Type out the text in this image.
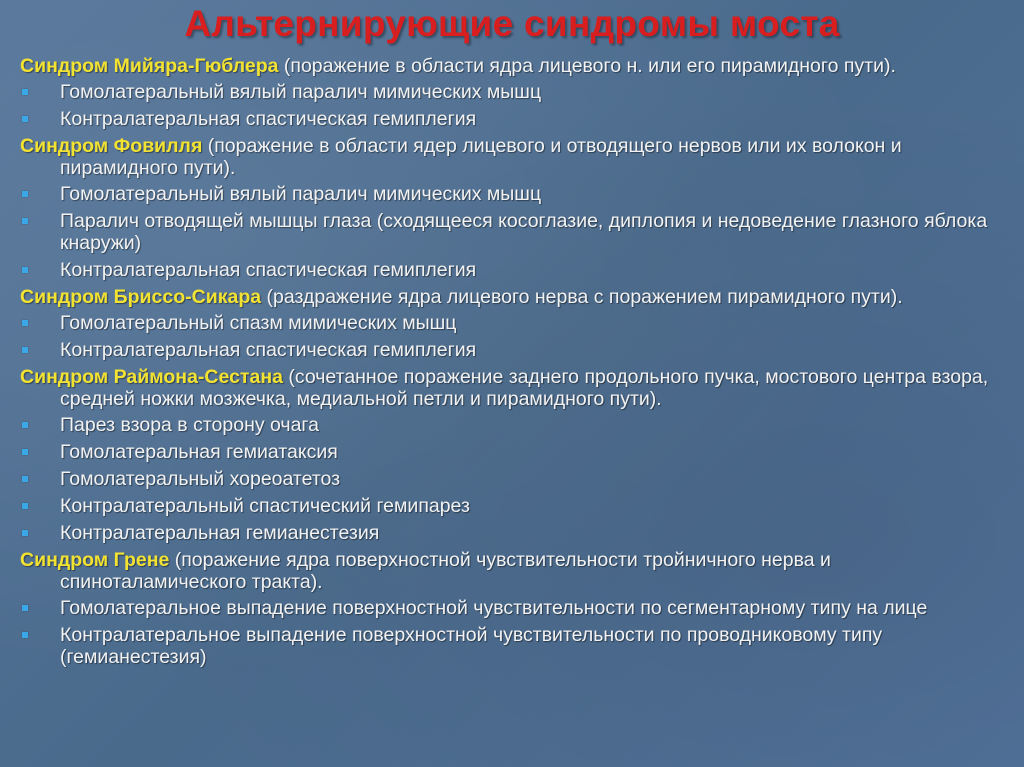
Альтернирующие синдромы моста
Синдром Мийяра-Гюблера (поражение в области ядра лицевого н. или его пирамидного пути).
Гомолатеральный вялый паралич мимических мышц
Контралатеральная спастическая гемиплегия
Синдром Фовилля (поражение в области ядер лицевого и отводящего нервов или их волокон и пирамидного пути).
Гомолатеральный вялый паралич мимических мышц
Паралич отводящей мышцы глаза (сходящееся косоглазие, диплопия и недоведение глазного яблока кнаружи)
Контралатеральная спастическая гемиплегия
Синдром Бриссо-Сикара (раздражение ядра лицевого нерва с поражением пирамидного пути).
Гомолатеральный спазм мимических мышц
Контралатеральная спастическая гемиплегия
Синдром Раймона-Сестана (сочетанное поражение заднего продольного пучка, мостового центра взора, средней ножки мозжечка, медиальной петли и пирамидного пути).
Парез взора в сторону очага
Гомолатеральная гемиатаксия
Гомолатеральный хореоатетоз
Контралатеральный спастический гемипарез
Контралатеральная гемианестезия
Синдром Грене (поражение ядра поверхностной чувствительности тройничного нерва и спиноталамического тракта).
Гомолатеральное выпадение поверхностной чувствительности по сегментарному типу на лице
Контралатеральное выпадение поверхностной чувствительности по проводниковому типу (гемианестезия)
